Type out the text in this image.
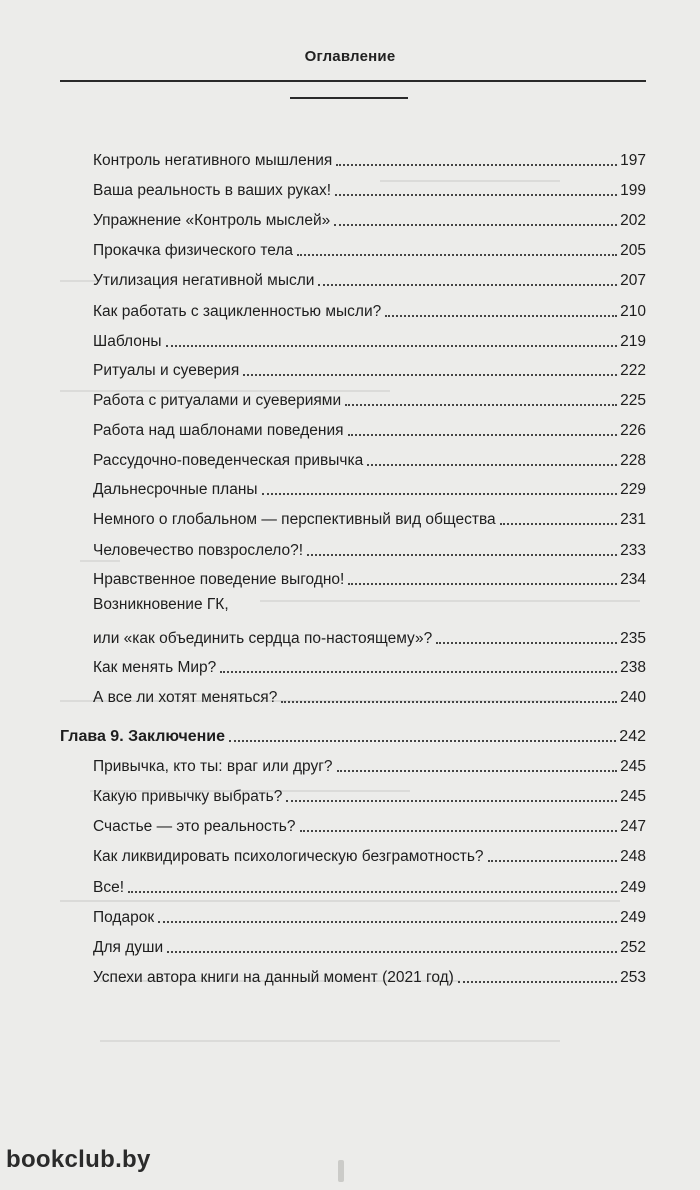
Оглавление
Контроль негативного мышления	197
Ваша реальность в ваших руках!	199
Упражнение «Контроль мыслей»	202
Прокачка физического тела	205
Утилизация негативной мысли	207
Как работать с зацикленностью мысли?	210
Шаблоны	219
Ритуалы и суеверия	222
Работа с ритуалами и суевериями	225
Работа над шаблонами поведения	226
Рассудочно-поведенческая привычка	228
Дальнесрочные планы	229
Немного о глобальном — перспективный вид общества	231
Человечество повзрослело?!	233
Нравственное поведение выгодно!	234
Возникновение ГК,
или «как объединить сердца по-настоящему»?	235
Как менять Мир?	238
А все ли хотят меняться?	240
Глава 9. Заключение	242
Привычка, кто ты: враг или друг?	245
Какую привычку выбрать?	245
Счастье — это реальность?	247
Как ликвидировать психологическую безграмотность?	248
Все!	249
Подарок	249
Для души	252
Успехи автора книги на данный момент (2021 год)	253
bookclub.by
